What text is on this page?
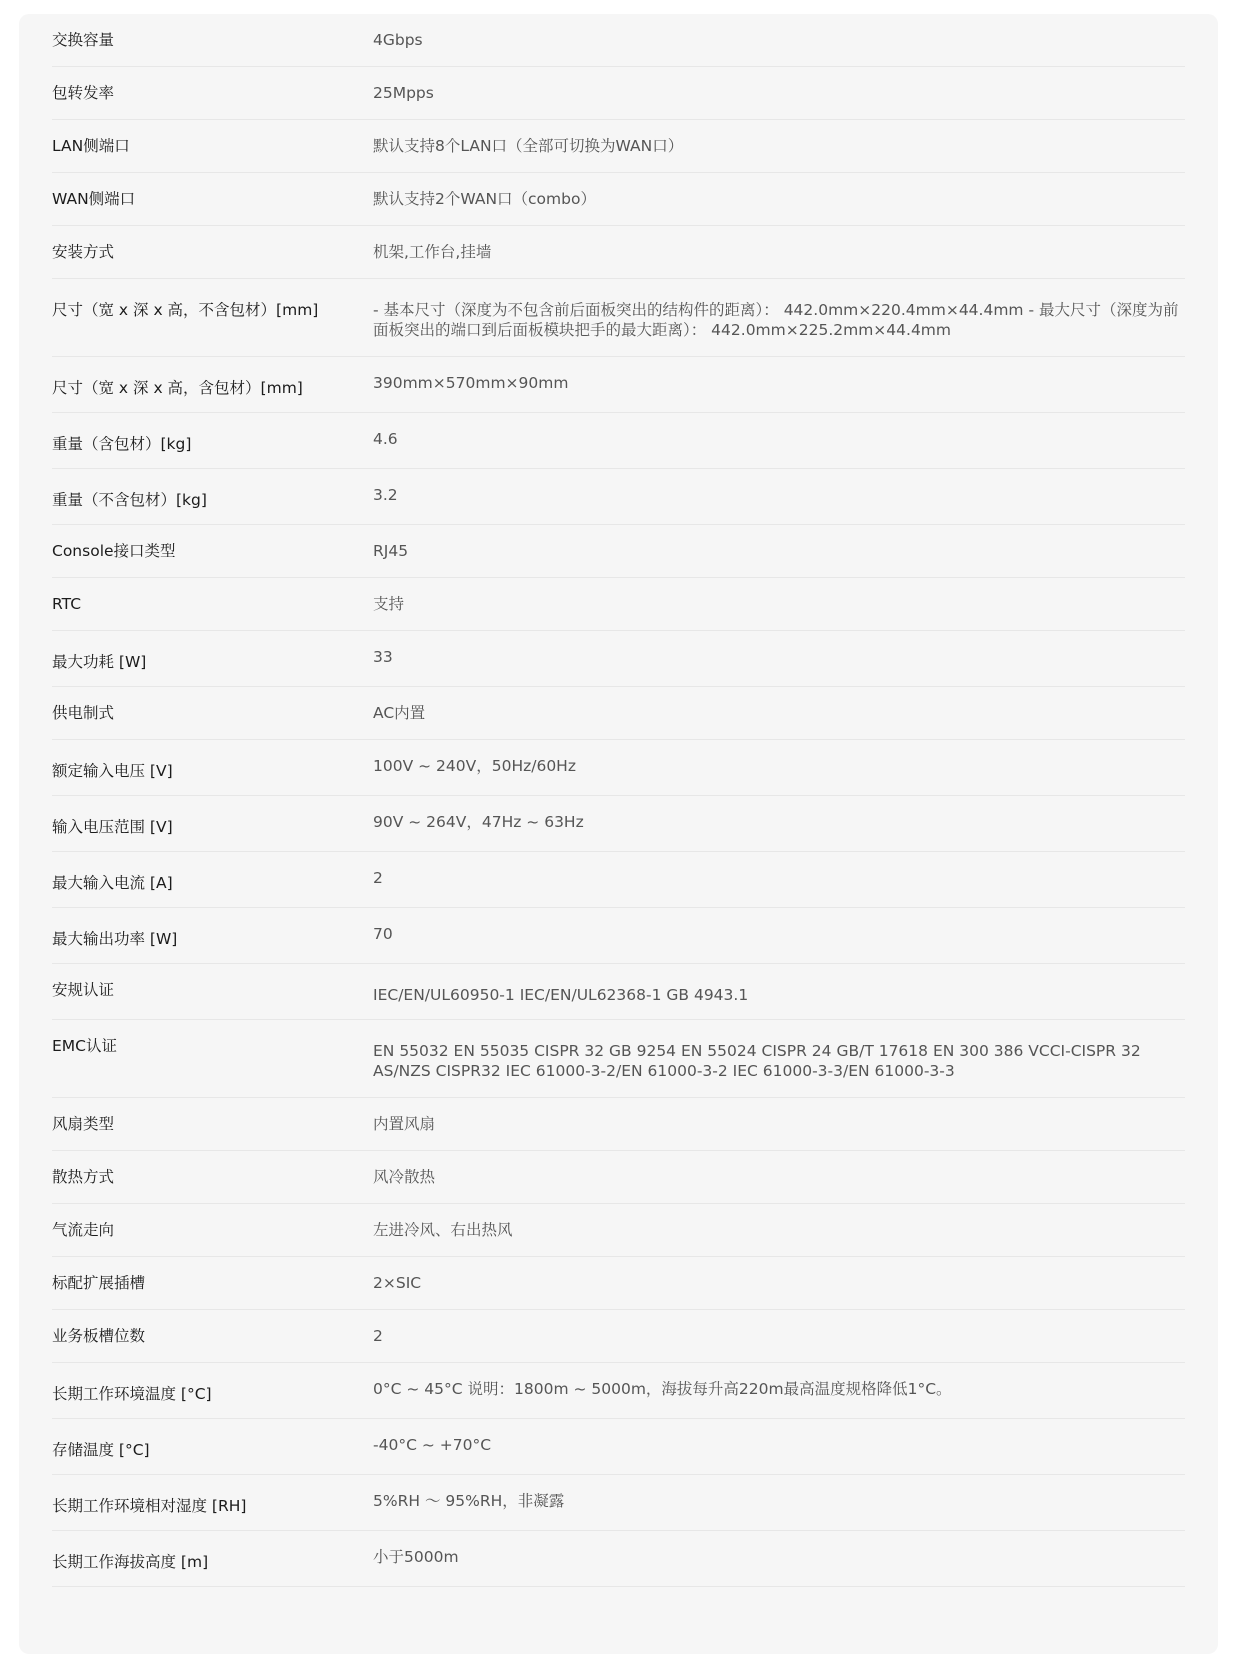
交换容量	4Gbps
包转发率	25Mpps
LAN侧端口	默认支持8个LAN口（全部可切换为WAN口）
WAN侧端口	默认支持2个WAN口（combo）
安装方式	机架,工作台,挂墙
尺寸（宽 x 深 x 高，不含包材）[mm]	- 基本尺寸（深度为不包含前后面板突出的结构件的距离）： 442.0mm×220.4mm×44.4mm - 最大尺寸（深度为前面板突出的端口到后面板模块把手的最大距离）： 442.0mm×225.2mm×44.4mm
尺寸（宽 x 深 x 高，含包材）[mm]	390mm×570mm×90mm
重量（含包材）[kg]	4.6
重量（不含包材）[kg]	3.2
Console接口类型	RJ45
RTC	支持
最大功耗 [W]	33
供电制式	AC内置
额定输入电压 [V]	100V ~ 240V，50Hz/60Hz
输入电压范围 [V]	90V ~ 264V，47Hz ~ 63Hz
最大输入电流 [A]	2
最大输出功率 [W]	70
安规认证	IEC/EN/UL60950-1 IEC/EN/UL62368-1 GB 4943.1
EMC认证	EN 55032 EN 55035 CISPR 32 GB 9254 EN 55024 CISPR 24 GB/T 17618 EN 300 386 VCCI-CISPR 32 AS/NZS CISPR32 IEC 61000-3-2/EN 61000-3-2 IEC 61000-3-3/EN 61000-3-3
风扇类型	内置风扇
散热方式	风冷散热
气流走向	左进冷风、右出热风
标配扩展插槽	2×SIC
业务板槽位数	2
长期工作环境温度 [°C]	0°C ~ 45°C 说明：1800m ~ 5000m，海拔每升高220m最高温度规格降低1°C。
存储温度 [°C]	-40°C ~ +70°C
长期工作环境相对湿度 [RH]	5%RH ～ 95%RH，非凝露
长期工作海拔高度 [m]	小于5000m
